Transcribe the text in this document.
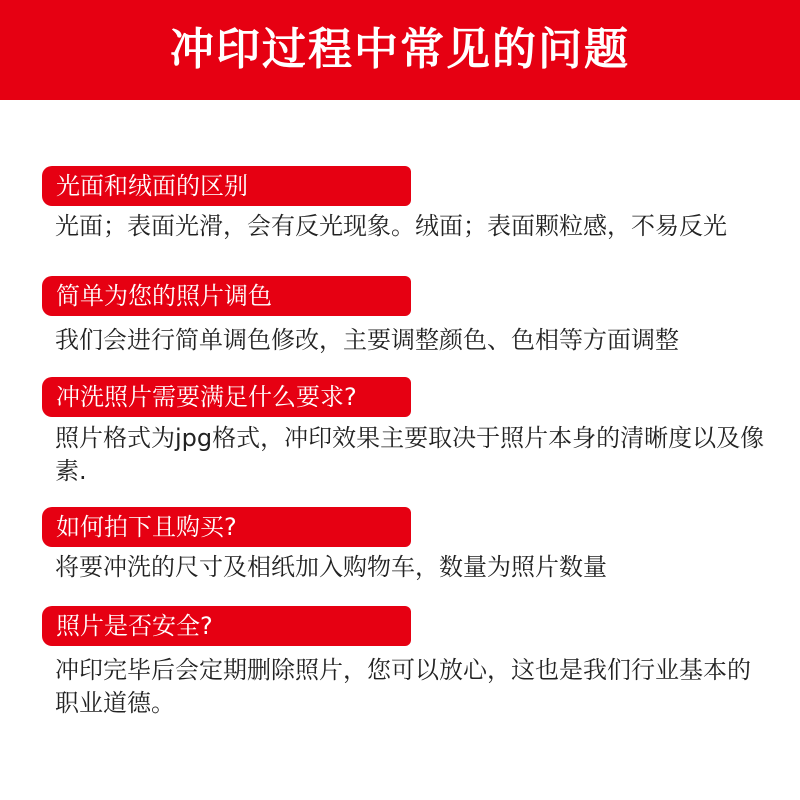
冲印过程中常见的问题
光面和绒面的区别

光面；表面光滑，会有反光现象。绒面；表面颗粒感，不易反光

简单为您的照片调色

我们会进行简单调色修改，主要调整颜色、色相等方面调整

冲洗照片需要满足什么要求?

照片格式为jpg格式，冲印效果主要取决于照片本身的清晰度以及像素.

如何拍下且购买?

将要冲洗的尺寸及相纸加入购物车，数量为照片数量

照片是否安全?

冲印完毕后会定期删除照片，您可以放心，这也是我们行业基本的职业道德。
